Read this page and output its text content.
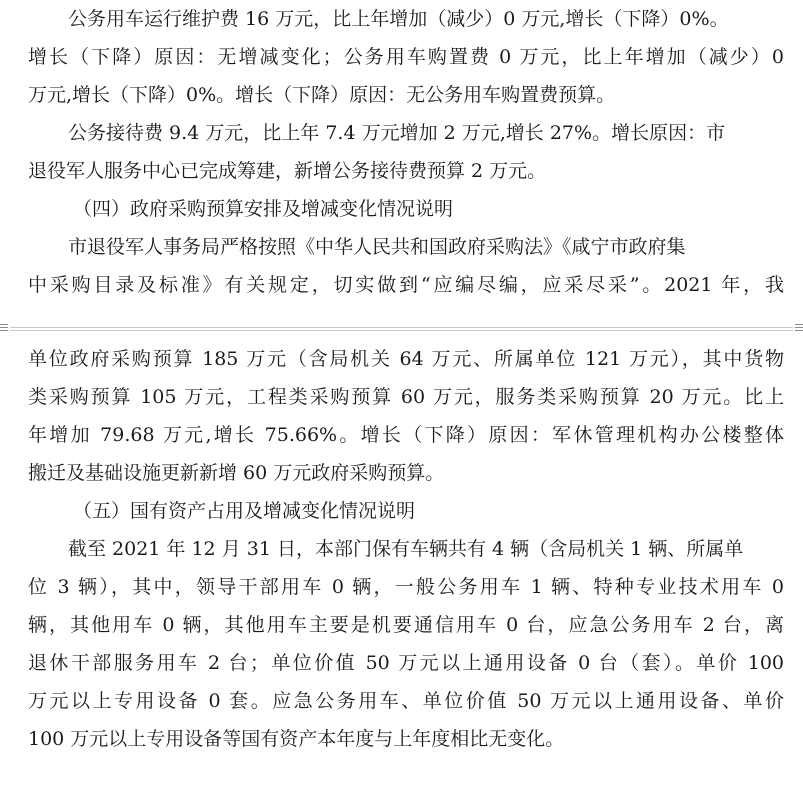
公务用车运行维护费 16 万元，比上年增加（减少）0 万元,增长（下降）0%。
增长（下降）原因：无增减变化；公务用车购置费 0 万元，比上年增加（减少）0
万元,增长（下降）0%。增长（下降）原因：无公务用车购置费预算。
公务接待费 9.4 万元，比上年 7.4 万元增加 2 万元,增长 27%。增长原因：市
退役军人服务中心已完成筹建，新增公务接待费预算 2 万元。
（四）政府采购预算安排及增减变化情况说明
市退役军人事务局严格按照《中华人民共和国政府采购法》《咸宁市政府集
中采购目录及标准》有关规定，切实做到“应编尽编，应采尽采”。2021 年，我
单位政府采购预算 185 万元（含局机关 64 万元、所属单位 121 万元），其中货物
类采购预算 105 万元，工程类采购预算 60 万元，服务类采购预算 20 万元。比上
年增加 79.68 万元,增长 75.66%。增长（下降）原因：军休管理机构办公楼整体
搬迁及基础设施更新新增 60 万元政府采购预算。
（五）国有资产占用及增减变化情况说明
截至 2021 年 12 月 31 日，本部门保有车辆共有 4 辆（含局机关 1 辆、所属单
位 3 辆），其中，领导干部用车 0 辆，一般公务用车 1 辆、特种专业技术用车 0
辆，其他用车 0 辆，其他用车主要是机要通信用车 0 台，应急公务用车 2 台，离
退休干部服务用车 2 台；单位价值 50 万元以上通用设备 0 台（套）。单价 100
万元以上专用设备 0 套。应急公务用车、单位价值 50 万元以上通用设备、单价
100 万元以上专用设备等国有资产本年度与上年度相比无变化。
